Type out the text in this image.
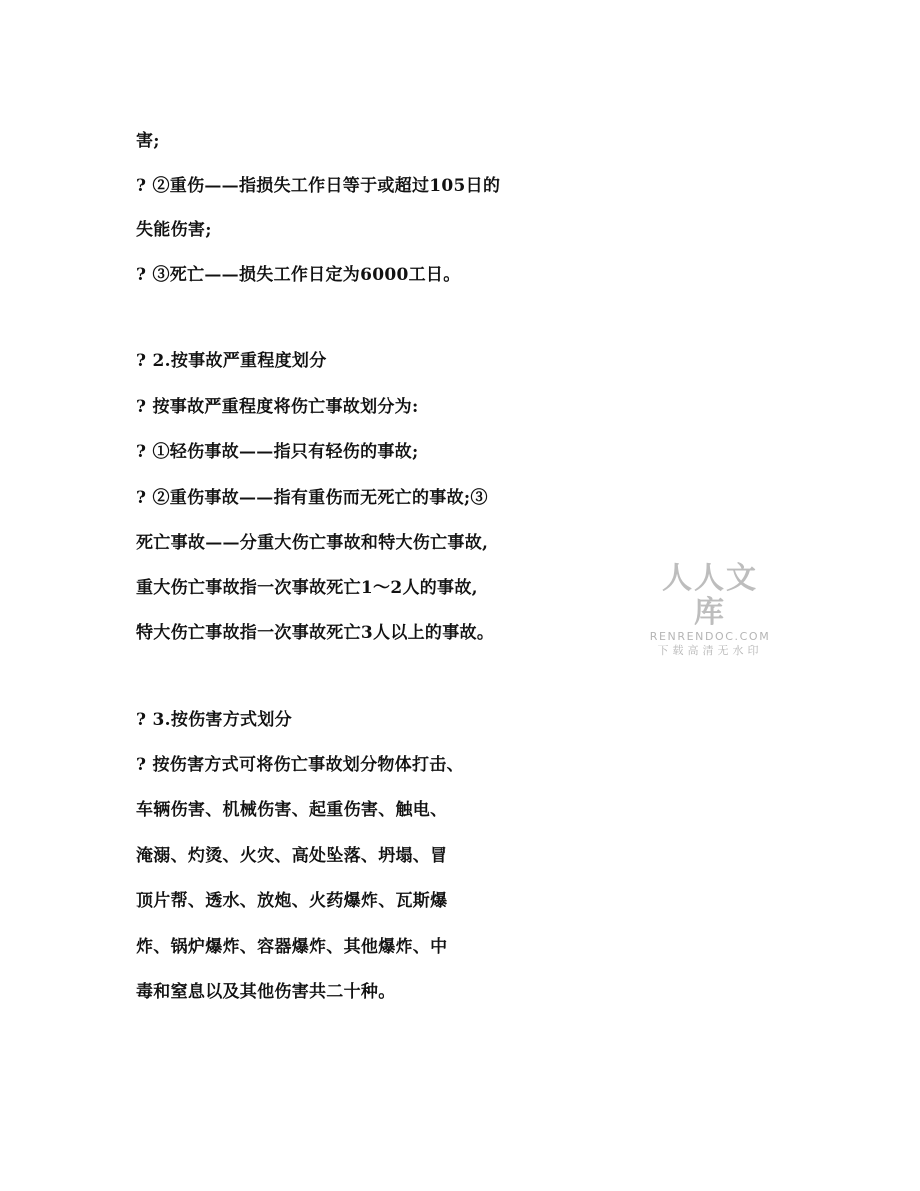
害;
? ②重伤——指损失工作日等于或超过105日的
失能伤害;
? ③死亡——损失工作日定为6000工日。
? 2.按事故严重程度划分
? 按事故严重程度将伤亡事故划分为:
? ①轻伤事故——指只有轻伤的事故;
? ②重伤事故——指有重伤而无死亡的事故;③
死亡事故——分重大伤亡事故和特大伤亡事故,
重大伤亡事故指一次事故死亡1～2人的事故,
特大伤亡事故指一次事故死亡3人以上的事故。
? 3.按伤害方式划分
? 按伤害方式可将伤亡事故划分物体打击、
车辆伤害、机械伤害、起重伤害、触电、
淹溺、灼烫、火灾、高处坠落、坍塌、冒
顶片帮、透水、放炮、火药爆炸、瓦斯爆
炸、锅炉爆炸、容器爆炸、其他爆炸、中
毒和窒息以及其他伤害共二十种。
人人文库
RENRENDOC.COM
下载高清无水印
